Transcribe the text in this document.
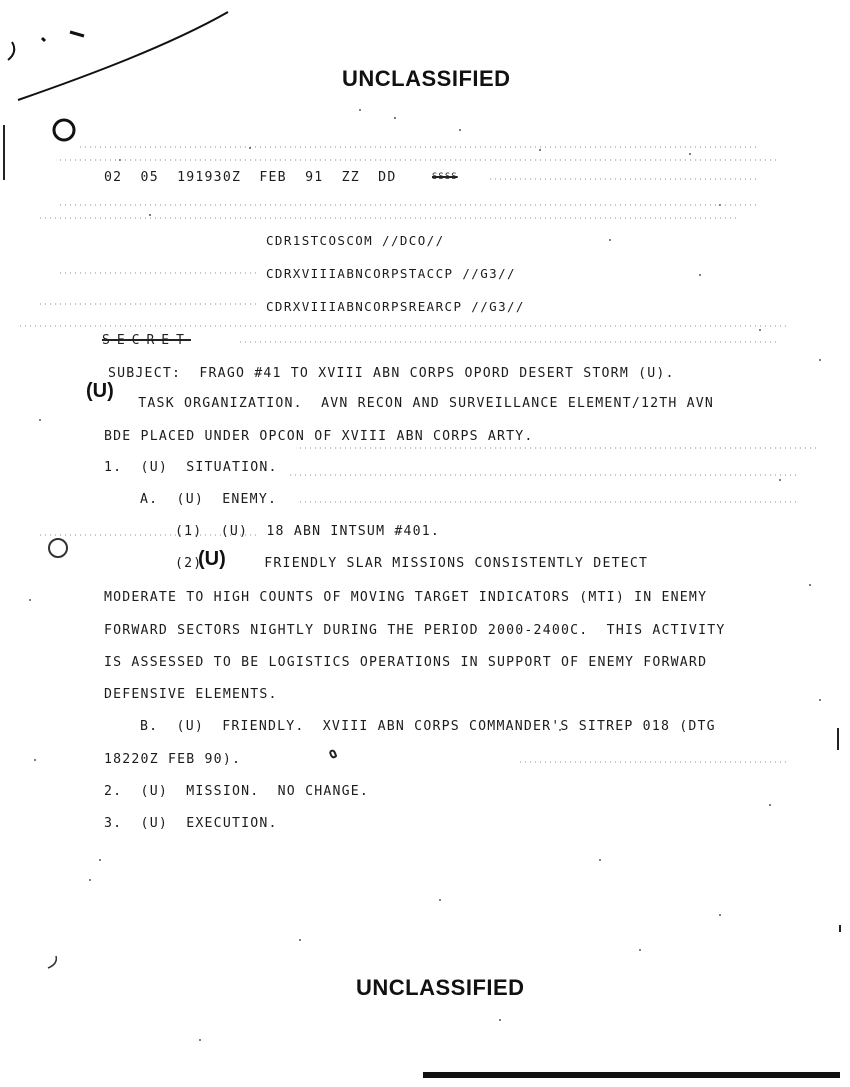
UNCLASSIFIED
02  05  191930Z  FEB  91  ZZ  DD	SSSS
CDR1STCOSCOM //DCO//
CDRXVIIIABNCORPSTACCP //G3//
CDRXVIIIABNCORPSREARCP //G3//
SECRET
SUBJECT:  FRAGO #41 TO XVIII ABN CORPS OPORD DESERT STORM (U).
(U)
TASK ORGANIZATION.  AVN RECON AND SURVEILLANCE ELEMENT/12TH AVN
BDE PLACED UNDER OPCON OF XVIII ABN CORPS ARTY.
1.  (U)  SITUATION.
A.  (U)  ENEMY.
(1)  (U)  18 ABN INTSUM #401.
(2)
(U) FRIENDLY SLAR MISSIONS CONSISTENTLY DETECT
MODERATE TO HIGH COUNTS OF MOVING TARGET INDICATORS (MTI) IN ENEMY
FORWARD SECTORS NIGHTLY DURING THE PERIOD 2000-2400C.  THIS ACTIVITY
IS ASSESSED TO BE LOGISTICS OPERATIONS IN SUPPORT OF ENEMY FORWARD
DEFENSIVE ELEMENTS.
B.  (U)  FRIENDLY.  XVIII ABN CORPS COMMANDER'S SITREP 018 (DTG
18220Z FEB 90).
2.  (U)  MISSION.  NO CHANGE.
3.  (U)  EXECUTION.
UNCLASSIFIED
